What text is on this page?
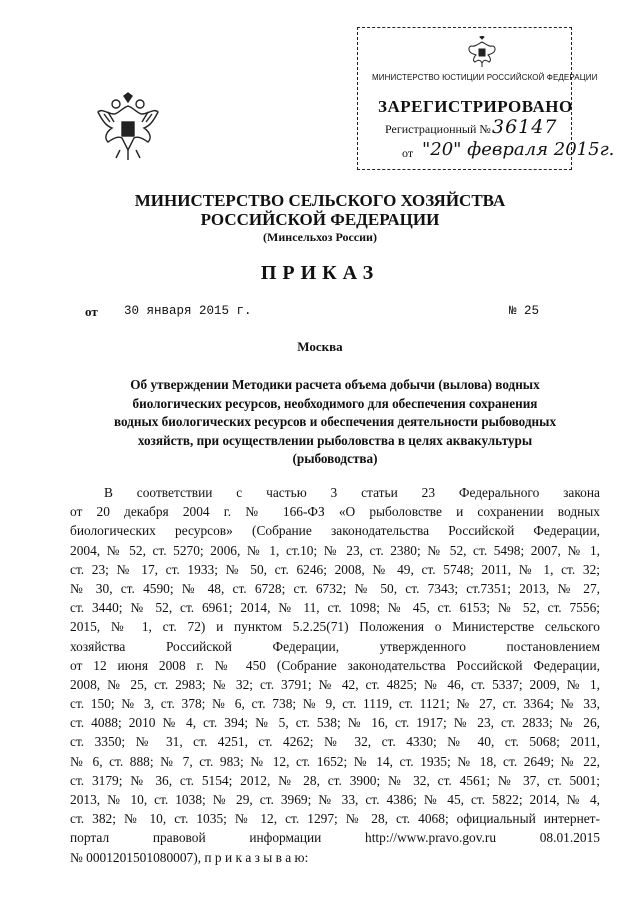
МИНИСТЕРСТВО ЮСТИЦИИ РОССИЙСКОЙ ФЕДЕРАЦИИ
ЗАРЕГИСТРИРОВАНО
Регистрационный № 36147
от "20" февраля 2015г.
МИНИСТЕРСТВО СЕЛЬСКОГО ХОЗЯЙСТВА
РОССИЙСКОЙ ФЕДЕРАЦИИ
(Минсельхоз России)
ПРИКАЗ
от 30 января 2015 г.	№ 25
Москва
Об утверждении Методики расчета объема добычи (вылова) водных
биологических ресурсов, необходимого для обеспечения сохранения
водных биологических ресурсов и обеспечения деятельности рыбоводных
хозяйств, при осуществлении рыболовства в целях аквакультуры
(рыбоводства)
В соответствии с частью 3 статьи 23 Федерального закона
от 20 декабря 2004 г. № 166-ФЗ «О рыболовстве и сохранении водных
биологических ресурсов» (Собрание законодательства Российской Федерации,
2004, № 52, ст. 5270; 2006, № 1, ст.10; № 23, ст. 2380; № 52, ст. 5498; 2007, № 1,
ст. 23; № 17, ст. 1933; № 50, ст. 6246; 2008, № 49, ст. 5748; 2011, № 1, ст. 32;
№ 30, ст. 4590; № 48, ст. 6728; ст. 6732; № 50, ст. 7343; ст.7351; 2013, № 27,
ст. 3440; № 52, ст. 6961; 2014, № 11, ст. 1098; № 45, ст. 6153; № 52, ст. 7556;
2015, № 1, ст. 72) и пунктом 5.2.25(71) Положения о Министерстве сельского
хозяйства Российской Федерации, утвержденного постановлением
от 12 июня 2008 г. № 450 (Собрание законодательства Российской Федерации,
2008, № 25, ст. 2983; № 32; ст. 3791; № 42, ст. 4825; № 46, ст. 5337; 2009, № 1,
ст. 150; № 3, ст. 378; № 6, ст. 738; № 9, ст. 1119, ст. 1121; № 27, ст. 3364; № 33,
ст. 4088; 2010 № 4, ст. 394; № 5, ст. 538; № 16, ст. 1917; № 23, ст. 2833; № 26,
ст. 3350; № 31, ст. 4251, ст. 4262; № 32, ст. 4330; № 40, ст. 5068; 2011,
№ 6, ст. 888; № 7, ст. 983; № 12, ст. 1652; № 14, ст. 1935; № 18, ст. 2649; № 22,
ст. 3179; № 36, ст. 5154; 2012, № 28, ст. 3900; № 32, ст. 4561; № 37, ст. 5001;
2013, № 10, ст. 1038; № 29, ст. 3969; № 33, ст. 4386; № 45, ст. 5822; 2014, № 4,
ст. 382; № 10, ст. 1035; № 12, ст. 1297; № 28, ст. 4068; официальный интернет-
портал правовой информации http://www.pravo.gov.ru 08.01.2015
№ 0001201501080007), п р и к а з ы в а ю:
